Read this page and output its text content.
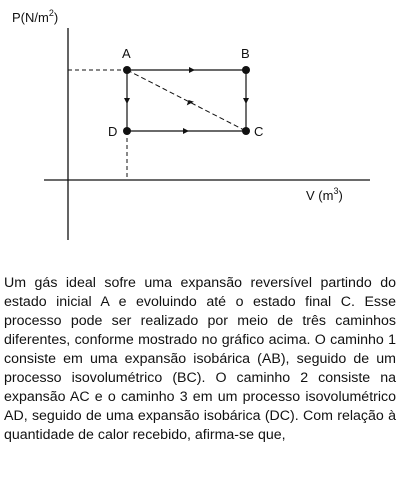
$P(N/m^2)$
V $(m^3)$
A	B
C
D

Um gás ideal sofre uma expansão reversível partindo do estado inicial A e evoluindo até o estado final C. Esse processo pode ser realizado por meio de três caminhos diferentes, conforme mostrado no gráfico acima. O caminho 1 consiste em uma expansão isobárica (AB), seguido de um processo isovolumétrico (BC). O caminho 2 consiste na expansão AC e o caminho 3 em um processo isovolumétrico AD, seguido de uma expansão isobárica (DC). Com relação à quantidade de calor recebido, afirma-se que,
